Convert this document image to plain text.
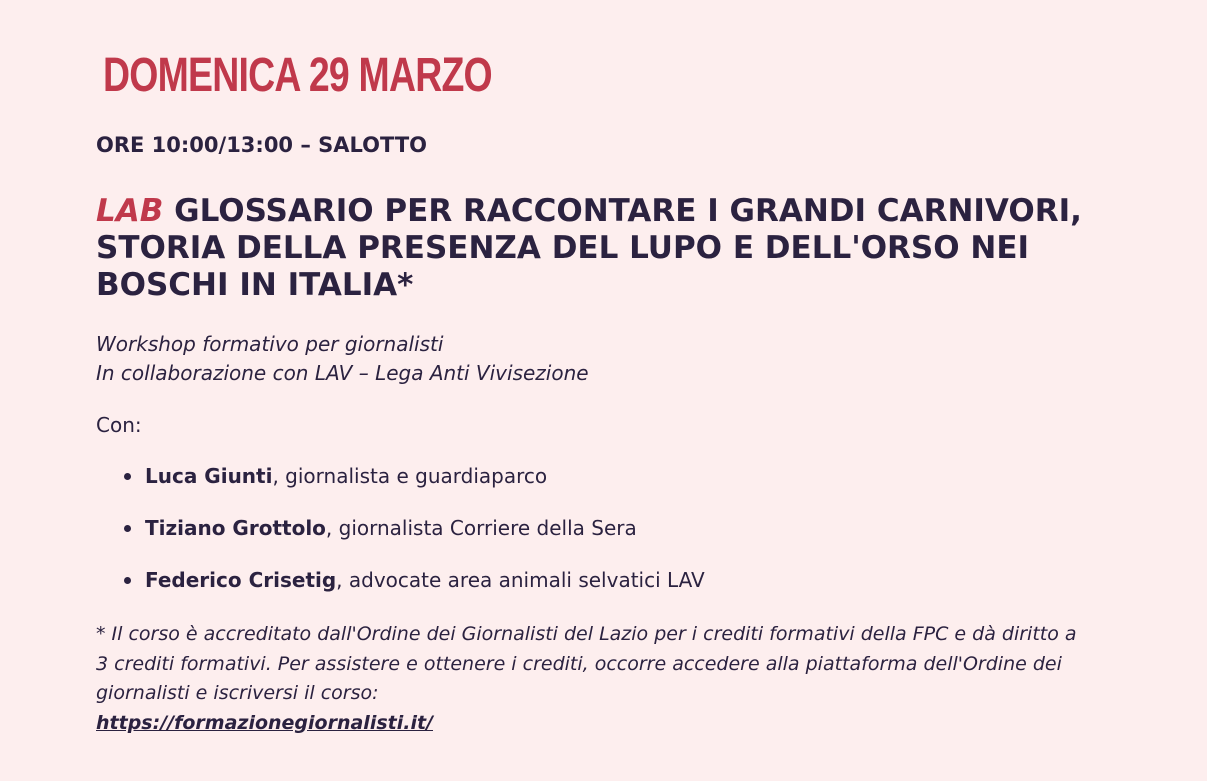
DOMENICA 29 MARZO
ORE 10:00/13:00 – SALOTTO
LAB GLOSSARIO PER RACCONTARE I GRANDI CARNIVORI, STORIA DELLA PRESENZA DEL LUPO E DELL'ORSO NEI BOSCHI IN ITALIA*

Workshop formativo per giornalisti
In collaborazione con LAV – Lega Anti Vivisezione

Con:

Luca Giunti, giornalista e guardiaparco
Tiziano Grottolo, giornalista Corriere della Sera
Federico Crisetig, advocate area animali selvatici LAV

* Il corso è accreditato dall'Ordine dei Giornalisti del Lazio per i crediti formativi della FPC e dà diritto a 3 crediti formativi. Per assistere e ottenere i crediti, occorre accedere alla piattaforma dell'Ordine dei giornalisti e iscriversi il corso:
https://formazionegiornalisti.it/
